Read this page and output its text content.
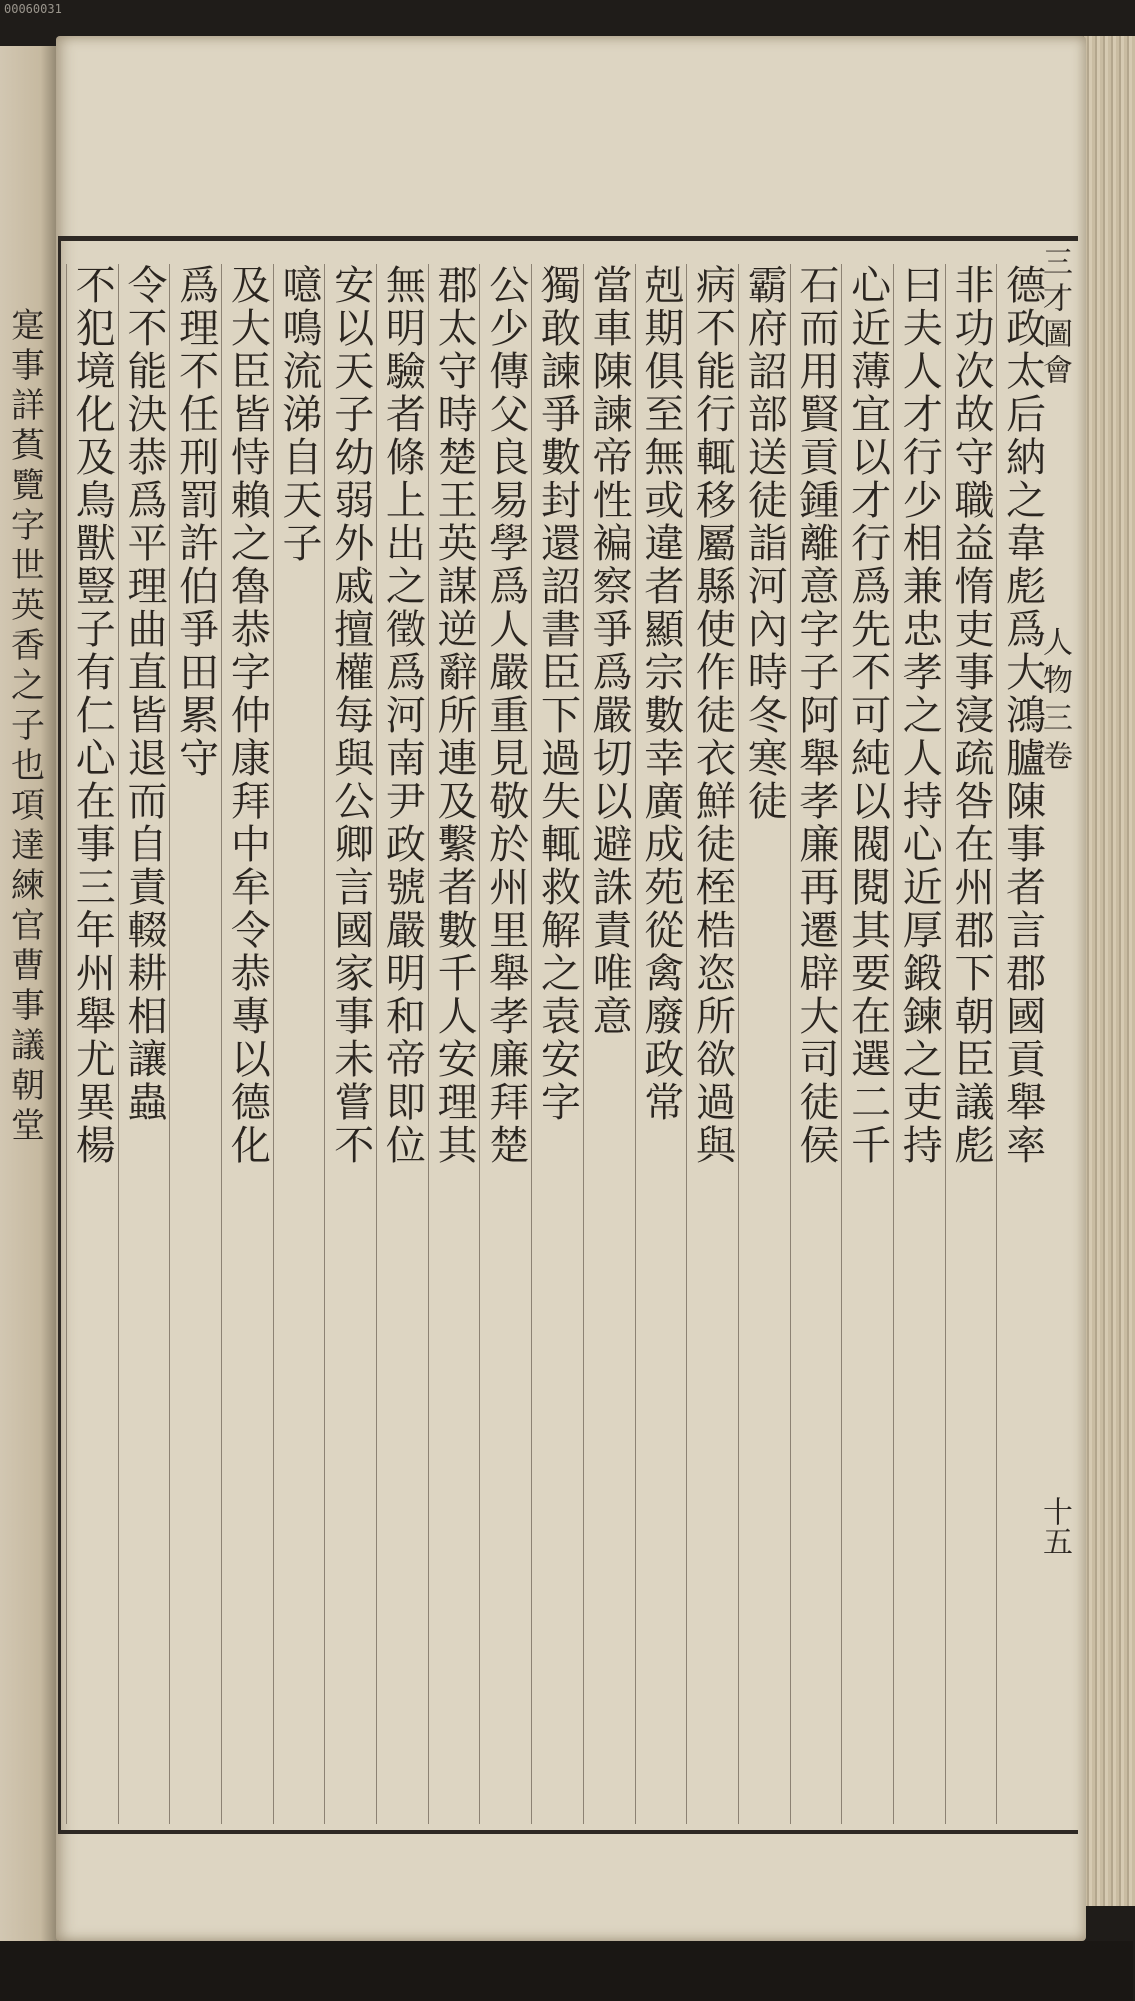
00060031
寔事詳萯覽字世英香之子也項達練官曹事議朝堂	德政太后納之韋彪爲大鴻臚陳事者言郡國貢舉率
非功次故守職益惰吏事寖疏咎在州郡下朝臣議彪
曰夫人才行少相兼忠孝之人持心近厚鍛鍊之吏持
心近薄宜以才行爲先不可純以閥閱其要在選二千
石而用賢貢鍾離意字子阿舉孝廉再遷辟大司徒侯
霸府詔部送徒詣河內時冬寒徒
病不能行輒移屬縣使作徒衣鮮徒桎梏恣所欲過與
剋期俱至無或違者顯宗數幸廣成苑從禽廢政常
當車陳諫帝性褊察爭爲嚴切以避誅責唯意
獨敢諫爭數封還詔書臣下過失輒救解之袁安字
公少傳父良易學爲人嚴重見敬於州里舉孝廉拜楚
郡太守時楚王英謀逆辭所連及繫者數千人安理其
無明驗者條上出之徵爲河南尹政號嚴明和帝即位
安以天子幼弱外戚擅權每與公卿言國家事未嘗不
噫鳴流涕自天子
及大臣皆恃賴之魯恭字仲康拜中牟令恭專以德化
爲理不任刑罰許伯爭田累守
令不能決恭爲平理曲直皆退而自責輟耕相讓蟲
不犯境化及鳥獸豎子有仁心在事三年州舉尤異楊	三才圖會
人物三卷
十五
